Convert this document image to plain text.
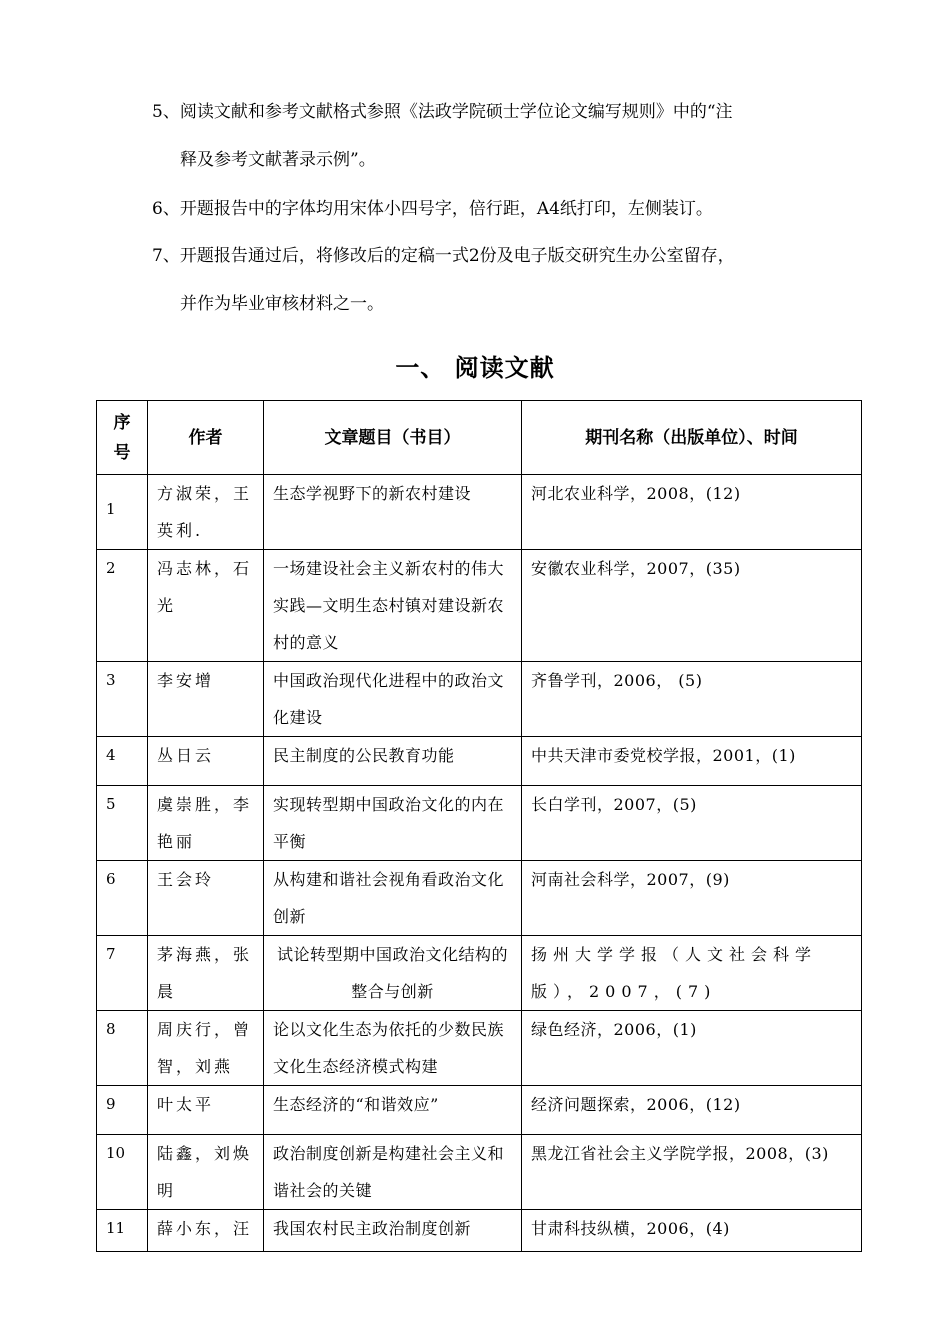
5、阅读文献和参考文献格式参照《法政学院硕士学位论文编写规则》中的“注
释及参考文献著录示例”。
6、开题报告中的字体均用宋体小四号字，倍行距，A4纸打印，左侧装订。
7、开题报告通过后，将修改后的定稿一式2份及电子版交研究生办公室留存，
并作为毕业审核材料之一。
一、 阅读文献
序
号	作者	文章题目（书目）	期刊名称（出版单位）、时间
1	方淑荣，王英利.	生态学视野下的新农村建设	河北农业科学，2008，(12)
2	冯志林，石光	一场建设社会主义新农村的伟大实践—文明生态村镇对建设新农村的意义	安徽农业科学，2007，(35)
3	李安增	中国政治现代化进程中的政治文化建设	齐鲁学刊，2006， (5)
4	丛日云	民主制度的公民教育功能	中共天津市委党校学报，2001，(1)
5	虞崇胜，李艳丽	实现转型期中国政治文化的内在平衡	长白学刊，2007，(5)
6	王会玲	从构建和谐社会视角看政治文化创新	河南社会科学，2007，(9)
7	茅海燕，张晨	试论转型期中国政治文化结构的整合与创新	扬州大学学报（人文社会科学版），2007，(7)
8	周庆行，曾智，刘燕	论以文化生态为依托的少数民族文化生态经济模式构建	绿色经济，2006，(1)
9	叶太平	生态经济的“和谐效应”	经济问题探索，2006，(12)
10	陆鑫，刘焕明	政治制度创新是构建社会主义和谐社会的关键	黑龙江省社会主义学院学报，2008，(3)
11	薛小东，汪	我国农村民主政治制度创新	甘肃科技纵横，2006，(4)
